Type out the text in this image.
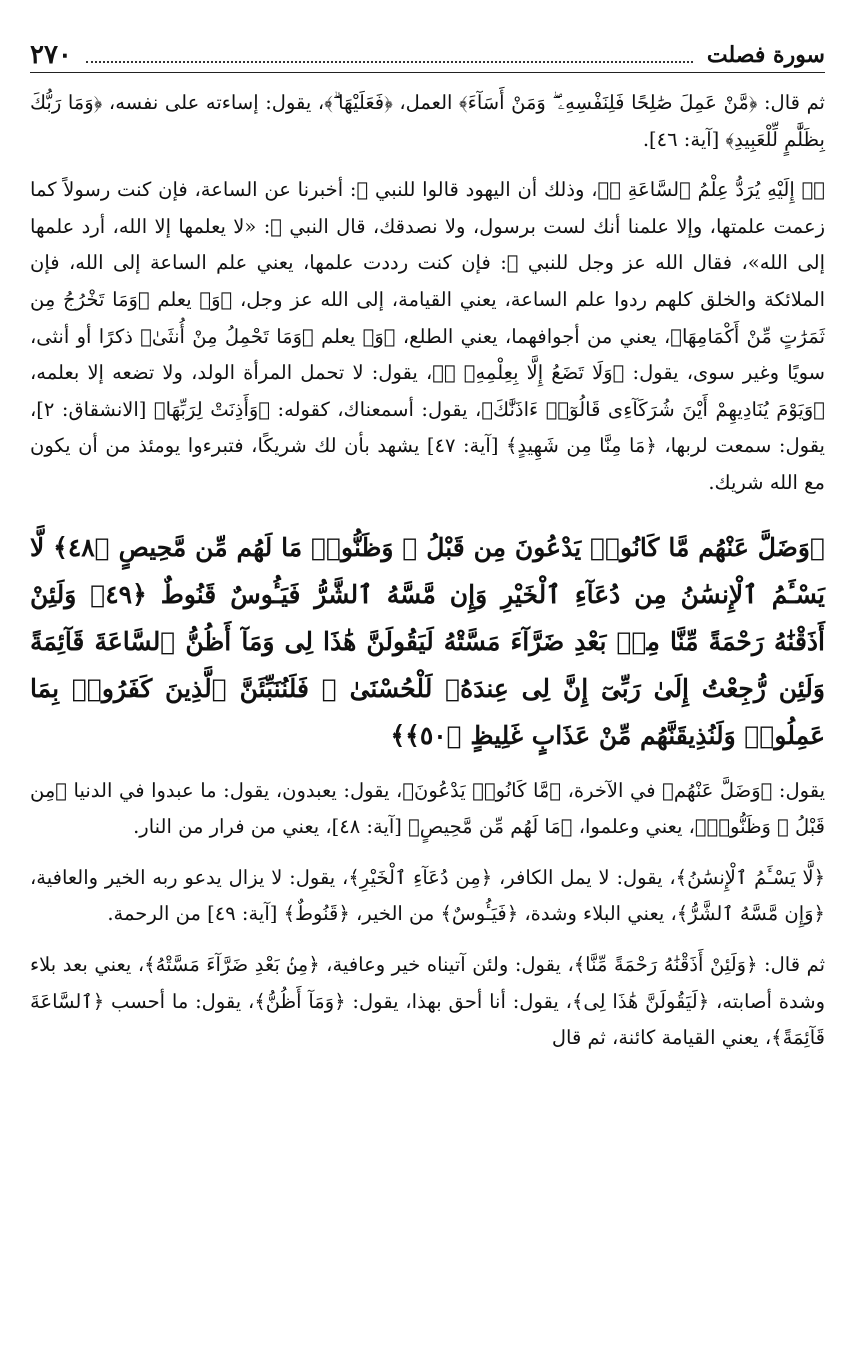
سورة فصلت
٢٧٠

ثم قال: ﴿مَّنْ عَمِلَ صَٰلِحًا فَلِنَفْسِهِۦ ۖ وَمَنْ أَسَآءَ﴾ العمل، ﴿فَعَلَيْهَا ۗ﴾، يقول: إساءته على نفسه، ﴿وَمَا رَبُّكَ بِظَلَّٰمٍ لِّلْعَبِيدِ﴾ [آية: ٤٦].

﴿۞ إِلَيْهِ يُرَدُّ عِلْمُ ٱلسَّاعَةِ ۚ﴾، وذلك أن اليهود قالوا للنبي ﷺ: أخبرنا عن الساعة، فإن كنت رسولاً كما زعمت علمتها، وإلا علمنا أنك لست برسول، ولا نصدقك، قال النبي ﷺ: «لا يعلمها إلا الله، أرد علمها إلى الله»، فقال الله عز وجل للنبي ﷺ: فإن كنت رددت علمها، يعني علم الساعة إلى الله، فإن الملائكة والخلق كلهم ردوا علم الساعة، يعني القيامة، إلى الله عز وجل، ﴿وَ﴾ يعلم ﴿وَمَا تَخْرُجُ مِن ثَمَرَٰتٍ مِّنْ أَكْمَامِهَا﴾، يعني من أجوافهما، يعني الطلع، ﴿وَ﴾ يعلم ﴿وَمَا تَحْمِلُ مِنْ أُنثَىٰ﴾ ذكرًا أو أنثى، سويًا وغير سوى، يقول: ﴿وَلَا تَضَعُ إِلَّا بِعِلْمِهِۦ ۚ﴾، يقول: لا تحمل المرأة الولد، ولا تضعه إلا بعلمه، ﴿وَيَوْمَ يُنَادِيهِمْ أَيْنَ شُرَكَآءِى قَالُوٓا۟ ءَاذَنَّٰكَ﴾، يقول: أسمعناك، كقوله: ﴿وَأَذِنَتْ لِرَبِّهَا﴾ [الانشقاق: ٢]، يقول: سمعت لربها، ﴿مَا مِنَّا مِن شَهِيدٍ﴾ [آية: ٤٧] يشهد بأن لك شريكًا، فتبرءوا يومئذ من أن يكون مع الله شريك.

﴿وَضَلَّ عَنْهُم مَّا كَانُوا۟ يَدْعُونَ مِن قَبْلُ ۖ وَظَنُّوا۟ مَا لَهُم مِّن مَّحِيصٍ ﴿٤٨﴾ لَّا يَسْـَٔمُ ٱلْإِنسَٰنُ مِن دُعَآءِ ٱلْخَيْرِ وَإِن مَّسَّهُ ٱلشَّرُّ فَيَـُٔوسٌ قَنُوطٌ ﴿٤٩﴾ وَلَئِنْ أَذَقْنَٰهُ رَحْمَةً مِّنَّا مِنۢ بَعْدِ ضَرَّآءَ مَسَّتْهُ لَيَقُولَنَّ هَٰذَا لِى وَمَآ أَظُنُّ ٱلسَّاعَةَ قَآئِمَةً وَلَئِن رُّجِعْتُ إِلَىٰ رَبِّىٓ إِنَّ لِى عِندَهُۥ لَلْحُسْنَىٰ ۚ فَلَنُنَبِّئَنَّ ٱلَّذِينَ كَفَرُوا۟ بِمَا عَمِلُوا۟ وَلَنُذِيقَنَّهُم مِّنْ عَذَابٍ غَلِيظٍ ﴿٥٠﴾﴾

يقول: ﴿وَضَلَّ عَنْهُم﴾ في الآخرة، ﴿مَّا كَانُوا۟ يَدْعُونَ﴾، يقول: يعبدون، يقول: ما عبدوا في الدنيا ﴿مِن قَبْلُ ۖ وَظَنُّوا۟﴾، يعني وعلموا، ﴿مَا لَهُم مِّن مَّحِيصٍ﴾ [آية: ٤٨]، يعني من فرار من النار.

﴿لَّا يَسْـَٔمُ ٱلْإِنسَٰنُ﴾، يقول: لا يمل الكافر، ﴿مِن دُعَآءِ ٱلْخَيْرِ﴾، يقول: لا يزال يدعو ربه الخير والعافية، ﴿وَإِن مَّسَّهُ ٱلشَّرُّ﴾، يعني البلاء وشدة، ﴿فَيَـُٔوسٌ﴾ من الخير، ﴿قَنُوطٌ﴾ [آية: ٤٩] من الرحمة.

ثم قال: ﴿وَلَئِنْ أَذَقْنَٰهُ رَحْمَةً مِّنَّا﴾، يقول: ولئن آتيناه خير وعافية، ﴿مِنۢ بَعْدِ ضَرَّآءَ مَسَّتْهُ﴾، يعني بعد بلاء وشدة أصابته، ﴿لَيَقُولَنَّ هَٰذَا لِى﴾، يقول: أنا أحق بهذا، يقول: ﴿وَمَآ أَظُنُّ﴾، يقول: ما أحسب ﴿ٱلسَّاعَةَ قَآئِمَةً﴾، يعني القيامة كائنة، ثم قال
